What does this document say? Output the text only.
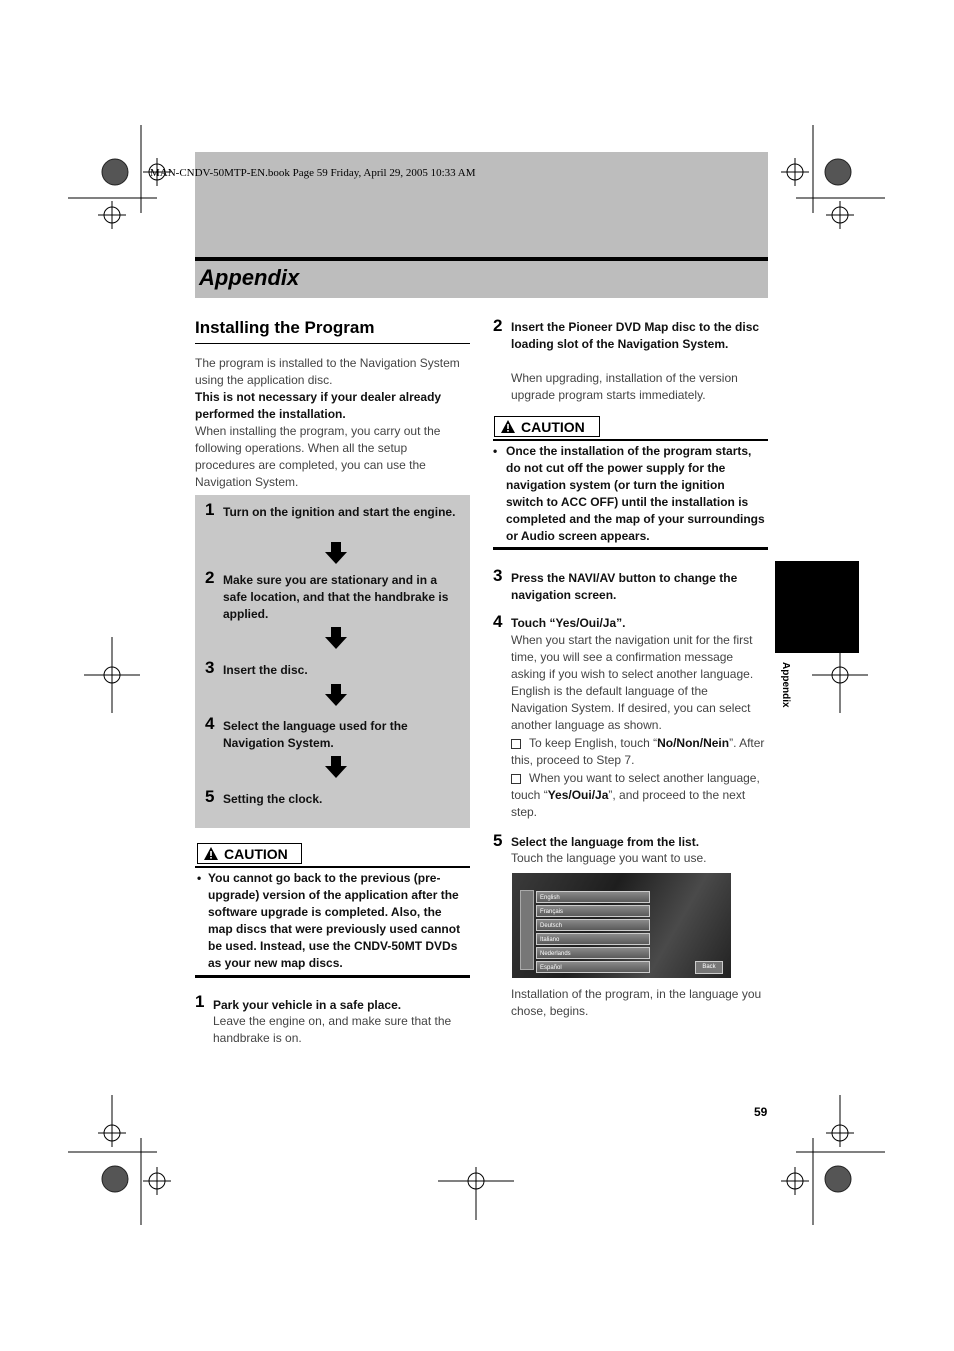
MAN-CNDV-50MTP-EN.book Page 59 Friday, April 29, 2005 10:33 AM
Appendix
Installing the Program
The program is installed to the Navigation System using the application disc.
This is not necessary if your dealer already performed the installation.
When installing the program, you carry out the following operations. When all the setup procedures are completed, you can use the Navigation System.
1 Turn on the ignition and start the engine.
2 Make sure you are stationary and in a safe location, and that the handbrake is applied.
3 Insert the disc.
4 Select the language used for the Navigation System.
5 Setting the clock.
CAUTION
• You cannot go back to the previous (pre-upgrade) version of the application after the software upgrade is completed. Also, the map discs that were previously used cannot be used. Instead, use the CNDV-50MT DVDs as your new map discs.
1 Park your vehicle in a safe place.
Leave the engine on, and make sure that the handbrake is on.
2 Insert the Pioneer DVD Map disc to the disc loading slot of the Navigation System.
When upgrading, installation of the version upgrade program starts immediately.
CAUTION
• Once the installation of the program starts, do not cut off the power supply for the navigation system (or turn the ignition switch to ACC OFF) until the installation is completed and the map of your surroundings or Audio screen appears.
3 Press the NAVI/AV button to change the navigation screen.
4 Touch “Yes/Oui/Ja”.
When you start the navigation unit for the first time, you will see a confirmation message asking if you wish to select another language. English is the default language of the Navigation System. If desired, you can select another language as shown.
To keep English, touch “No/Non/Nein”. After this, proceed to Step 7.
When you want to select another language, touch “Yes/Oui/Ja”, and proceed to the next step.
5 Select the language from the list.
Touch the language you want to use.
English
Français
Deutsch
Italiano
Nederlands
Español	Back
Installation of the program, in the language you chose, begins.
Appendix
59
